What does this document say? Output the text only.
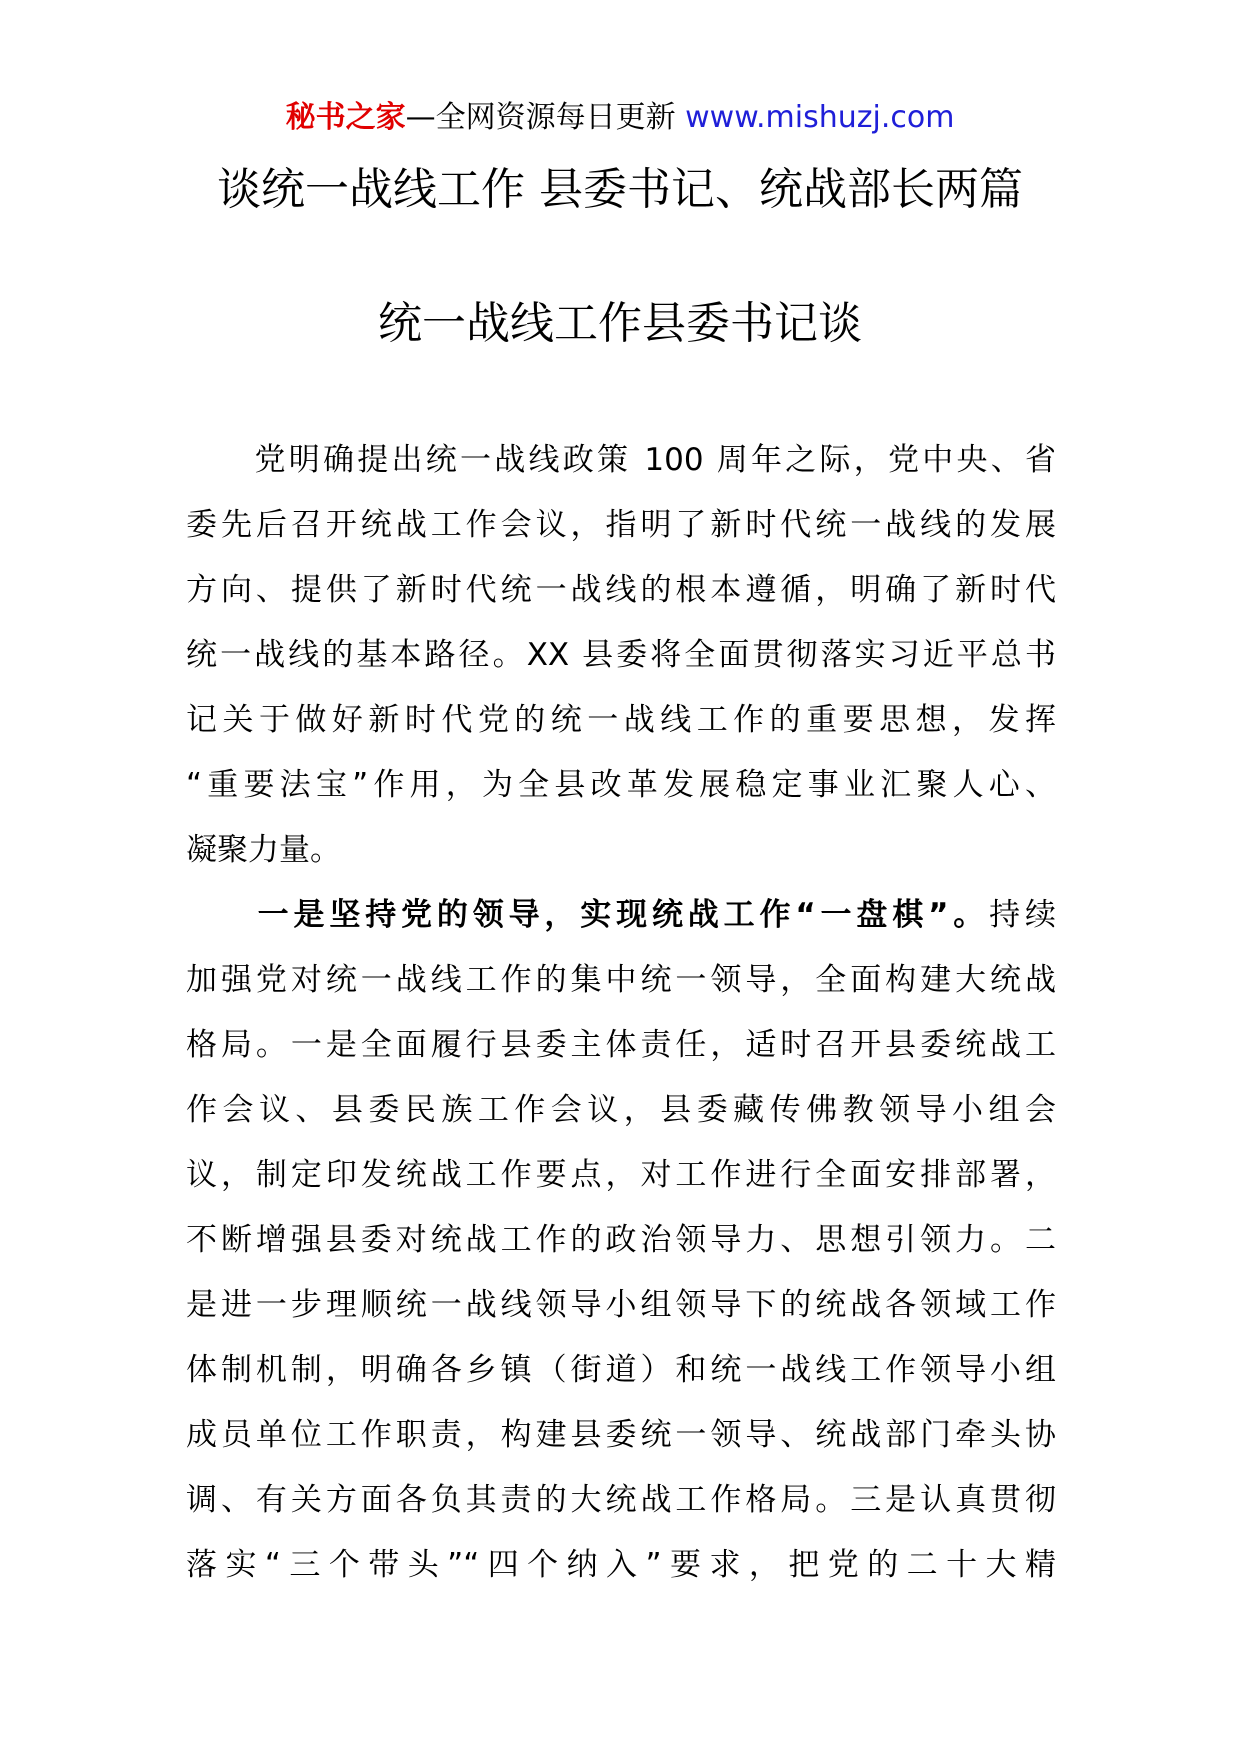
秘书之家—全网资源每日更新 www.mishuzj.com
谈统一战线工作 县委书记、统战部长两篇
统一战线工作县委书记谈
　　党明确提出统一战线政策 100 周年之际，党中央、省
委先后召开统战工作会议，指明了新时代统一战线的发展
方向、提供了新时代统一战线的根本遵循，明确了新时代
统一战线的基本路径。XX 县委将全面贯彻落实习近平总书
记关于做好新时代党的统一战线工作的重要思想，发挥
“重要法宝”作用，为全县改革发展稳定事业汇聚人心、
凝聚力量。
　　一是坚持党的领导，实现统战工作“一盘棋”。持续
加强党对统一战线工作的集中统一领导，全面构建大统战
格局。一是全面履行县委主体责任，适时召开县委统战工
作会议、县委民族工作会议，县委藏传佛教领导小组会
议，制定印发统战工作要点，对工作进行全面安排部署，
不断增强县委对统战工作的政治领导力、思想引领力。二
是进一步理顺统一战线领导小组领导下的统战各领域工作
体制机制，明确各乡镇（街道）和统一战线工作领导小组
成员单位工作职责，构建县委统一领导、统战部门牵头协
调、有关方面各负其责的大统战工作格局。三是认真贯彻
落实“三个带头”“四个纳入”要求，把党的二十大精
